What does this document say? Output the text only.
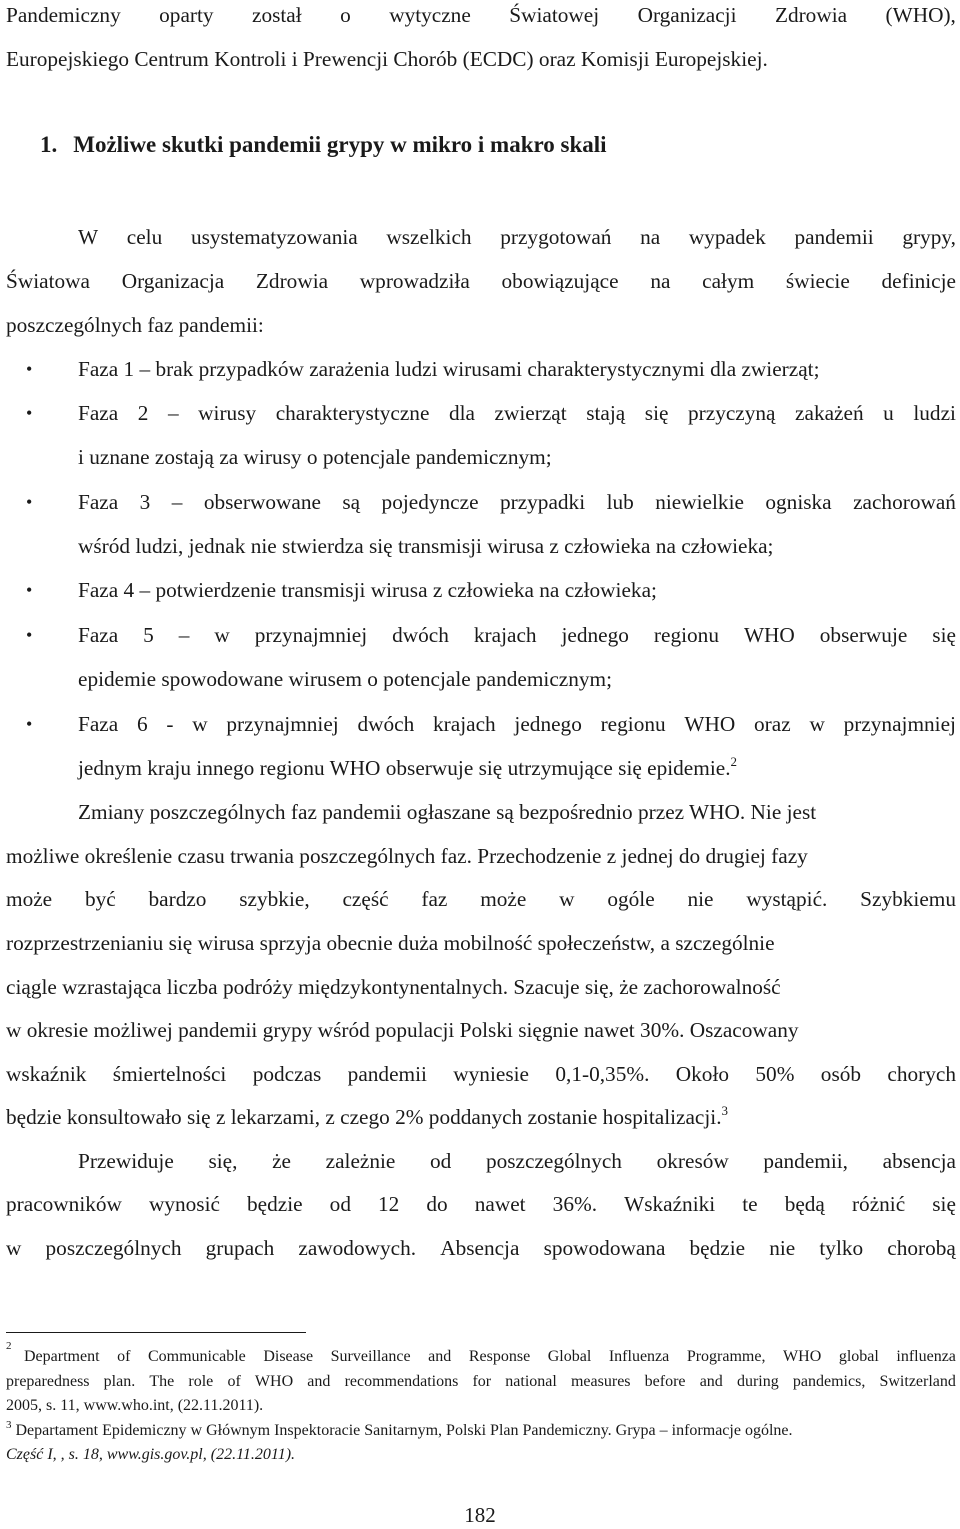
Pandemiczny oparty został o wytyczne Światowej Organizacji Zdrowia (WHO),
Europejskiego Centrum Kontroli i Prewencji Chorób (ECDC) oraz Komisji Europejskiej.
1. Możliwe skutki pandemii grypy w mikro i makro skali
W celu usystematyzowania wszelkich przygotowań na wypadek pandemii grypy,
Światowa Organizacja Zdrowia wprowadziła obowiązujące na całym świecie definicje
poszczególnych faz pandemii:
• Faza 1 – brak przypadków zarażenia ludzi wirusami charakterystycznymi dla zwierząt;
• Faza 2 – wirusy charakterystyczne dla zwierząt stają się przyczyną zakażeń u ludzi
i uznane zostają za wirusy o potencjale pandemicznym;
• Faza 3 – obserwowane są pojedyncze przypadki lub niewielkie ogniska zachorowań
wśród ludzi, jednak nie stwierdza się transmisji wirusa z człowieka na człowieka;
• Faza 4 – potwierdzenie transmisji wirusa z człowieka na człowieka;
• Faza 5 – w przynajmniej dwóch krajach jednego regionu WHO obserwuje się
epidemie spowodowane wirusem o potencjale pandemicznym;
• Faza 6 - w przynajmniej dwóch krajach jednego regionu WHO oraz w przynajmniej
jednym kraju innego regionu WHO obserwuje się utrzymujące się epidemie.$^2$
Zmiany poszczególnych faz pandemii ogłaszane są bezpośrednio przez WHO. Nie jest
możliwe określenie czasu trwania poszczególnych faz. Przechodzenie z jednej do drugiej fazy
może być bardzo szybkie, część faz może w ogóle nie wystąpić. Szybkiemu
rozprzestrzenianiu się wirusa sprzyja obecnie duża mobilność społeczeństw, a szczególnie
ciągle wzrastająca liczba podróży międzykontynentalnych. Szacuje się, że zachorowalność
w okresie możliwej pandemii grypy wśród populacji Polski sięgnie nawet 30%. Oszacowany
wskaźnik śmiertelności podczas pandemii wyniesie 0,1-0,35%. Około 50% osób chorych
będzie konsultowało się z lekarzami, z czego 2% poddanych zostanie hospitalizacji.$^3$
Przewiduje się, że zależnie od poszczególnych okresów pandemii, absencja
pracowników wynosić będzie od 12 do nawet 36%. Wskaźniki te będą różnić się
w poszczególnych grupach zawodowych. Absencja spowodowana będzie nie tylko chorobą
2
Department of Communicable Disease Surveillance and Response Global Influenza Programme, WHO global influenza
preparedness plan. The role of WHO and recommendations for national measures before and during pandemics, Switzerland
2005, s. 11, www.who.int, (22.11.2011).
$^3$ Departament Epidemiczny w Głównym Inspektoracie Sanitarnym, Polski Plan Pandemiczny. Grypa – informacje ogólne.
Część I, , s. 18, www.gis.gov.pl, (22.11.2011).
182
